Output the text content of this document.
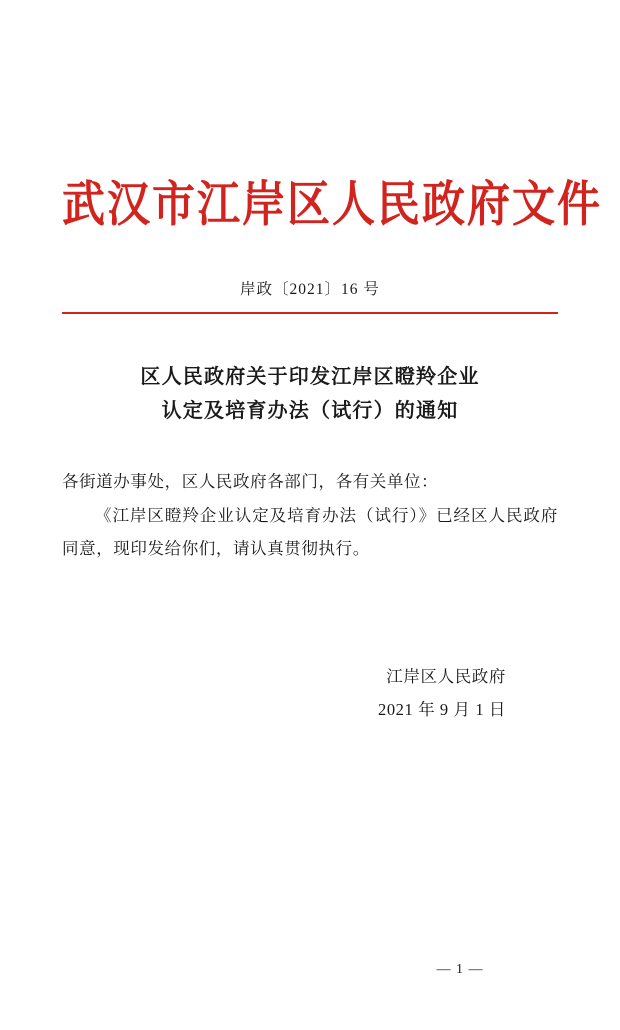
武汉市江岸区人民政府文件
岸政〔2021〕16 号
区人民政府关于印发江岸区瞪羚企业
认定及培育办法（试行）的通知

各街道办事处，区人民政府各部门，各有关单位：

《江岸区瞪羚企业认定及培育办法（试行）》已经区人民政府同意，现印发给你们，请认真贯彻执行。

江岸区人民政府
2021 年 9 月 1 日
— 1 —
